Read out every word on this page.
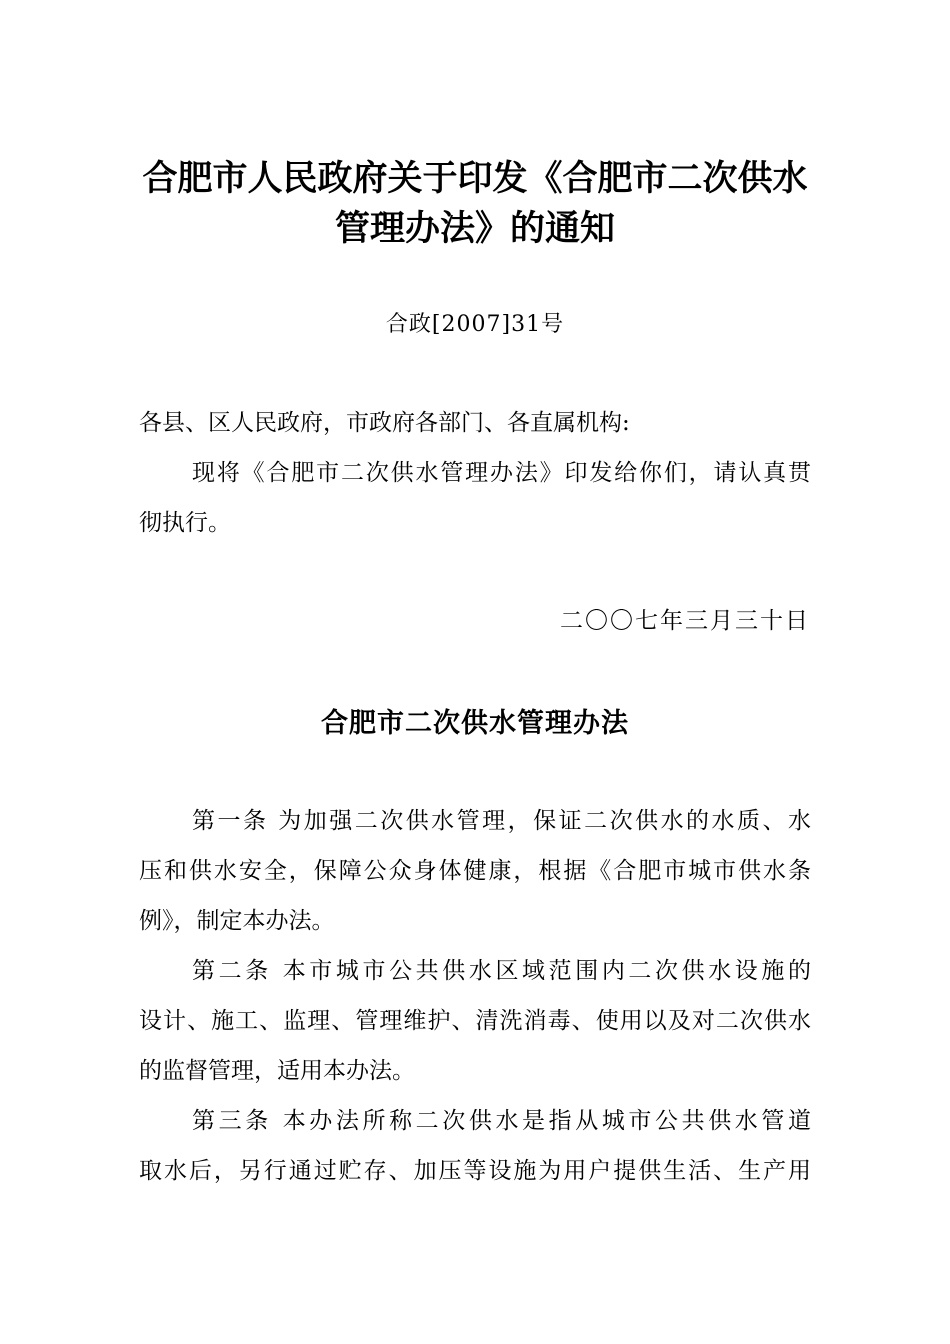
合肥市人民政府关于印发《合肥市二次供水
管理办法》的通知
合政[2007]31号
各县、区人民政府，市政府各部门、各直属机构:
现将《合肥市二次供水管理办法》印发给你们，请认真贯
彻执行。
二〇〇七年三月三十日
合肥市二次供水管理办法
第一条 为加强二次供水管理，保证二次供水的水质、水
压和供水安全，保障公众身体健康，根据《合肥市城市供水条
例》，制定本办法。
第二条 本市城市公共供水区域范围内二次供水设施的
设计、施工、监理、管理维护、清洗消毒、使用以及对二次供水
的监督管理，适用本办法。
第三条 本办法所称二次供水是指从城市公共供水管道
取水后，另行通过贮存、加压等设施为用户提供生活、生产用
